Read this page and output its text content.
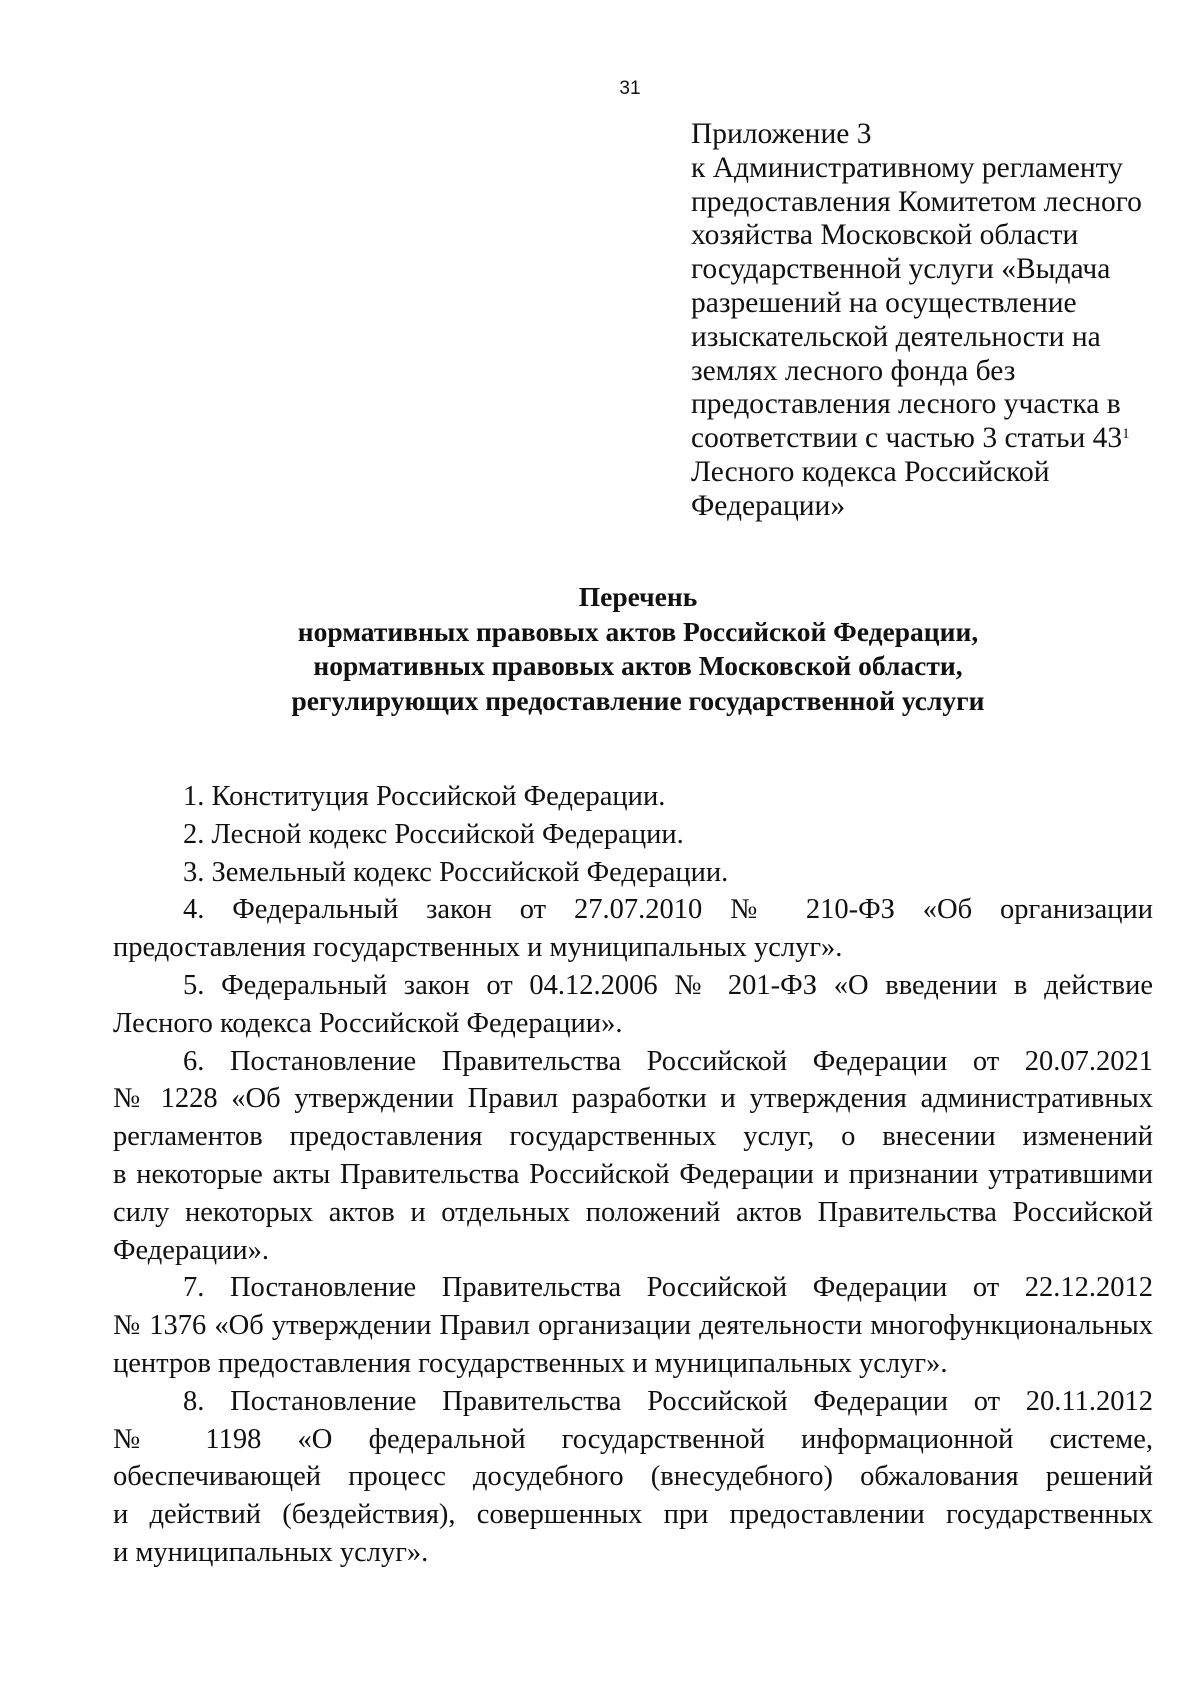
31
Приложение 3
к Административному регламенту
предоставления Комитетом лесного
хозяйства Московской области
государственной услуги «Выдача
разрешений на осуществление
изыскательской деятельности на
землях лесного фонда без
предоставления лесного участка в
соответствии с частью 3 статьи $43^1$
Лесного кодекса Российской
Федерации»
Перечень
нормативных правовых актов Российской Федерации,
нормативных правовых актов Московской области,
регулирующих предоставление государственной услуги
1. Конституция Российской Федерации.
2. Лесной кодекс Российской Федерации.
3. Земельный кодекс Российской Федерации.
4. Федеральный закон от 27.07.2010 № 210-ФЗ «Об организации
предоставления государственных и муниципальных услуг».
5. Федеральный закон от 04.12.2006 № 201-ФЗ «О введении в действие
Лесного кодекса Российской Федерации».
6. Постановление Правительства Российской Федерации от 20.07.2021
№ 1228 «Об утверждении Правил разработки и утверждения административных
регламентов предоставления государственных услуг, о внесении изменений
в некоторые акты Правительства Российской Федерации и признании утратившими
силу некоторых актов и отдельных положений актов Правительства Российской
Федерации».
7. Постановление Правительства Российской Федерации от 22.12.2012
№ 1376 «Об утверждении Правил организации деятельности многофункциональных
центров предоставления государственных и муниципальных услуг».
8. Постановление Правительства Российской Федерации от 20.11.2012
№ 1198 «О федеральной государственной информационной системе,
обеспечивающей процесс досудебного (внесудебного) обжалования решений
и действий (бездействия), совершенных при предоставлении государственных
и муниципальных услуг».
